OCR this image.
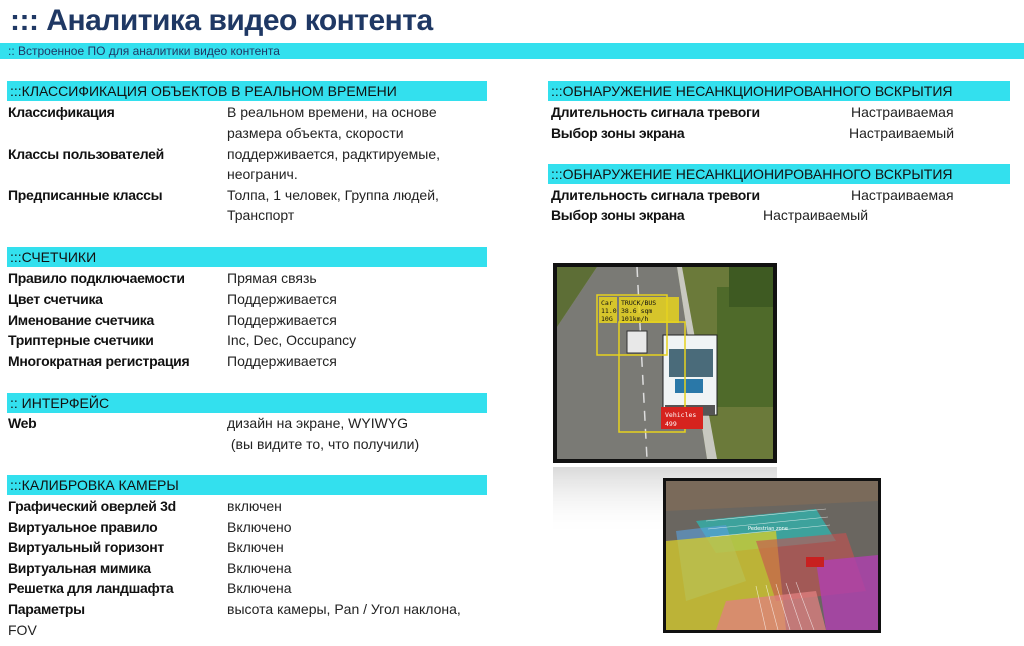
::: Аналитика видео контента
:: Встроенное ПО для аналитики видео контента
:::КЛАССИФИКАЦИЯ ОБЪЕКТОВ В РЕАЛЬНОМ ВРЕМЕНИ
Классификация	В реальном времени, на основе
размера объекта, скорости
Классы пользователей	поддерживается, радктируемые,
неогранич.
Предписанные классы	Толпа, 1 человек, Группа людей,
Транспорт
:::СЧЕТЧИКИ
Правило подключаемости	Прямая связь
Цвет счетчика	Поддерживается
Именование счетчика	Поддерживается
Триптерные счетчики	Inc, Dec, Occupancy
Многократная регистрация	Поддерживается
:: ИНТЕРФЕЙС
Web	дизайн на экране, WYIWYG
(вы видите то, что получили)
:::КАЛИБРОВКА КАМЕРЫ
Графический оверлей 3d	включен
Виртуальное правило	Включено
Виртуальный горизонт	Включен
Виртуальная мимика	Включена
Решетка для ландшафта	Включена
Параметры	высота камеры, Pan / Угол наклона,
FOV
:::ОБНАРУЖЕНИЕ НЕСАНКЦИОНИРОВАННОГО ВСКРЫТИЯ
Длительность сигнала тревоги	Настраиваемая
Выбор зоны экрана	Настраиваемый
:::ОБНАРУЖЕНИЕ НЕСАНКЦИОНИРОВАННОГО ВСКРЫТИЯ
Длительность сигнала тревоги	Настраиваемая
Выбор зоны экрана	Настраиваемый
Car
11.0
10G
TRUCK/BUS
38.6 sqm
101km/h
Vehicles
499
Pedestrian zone
